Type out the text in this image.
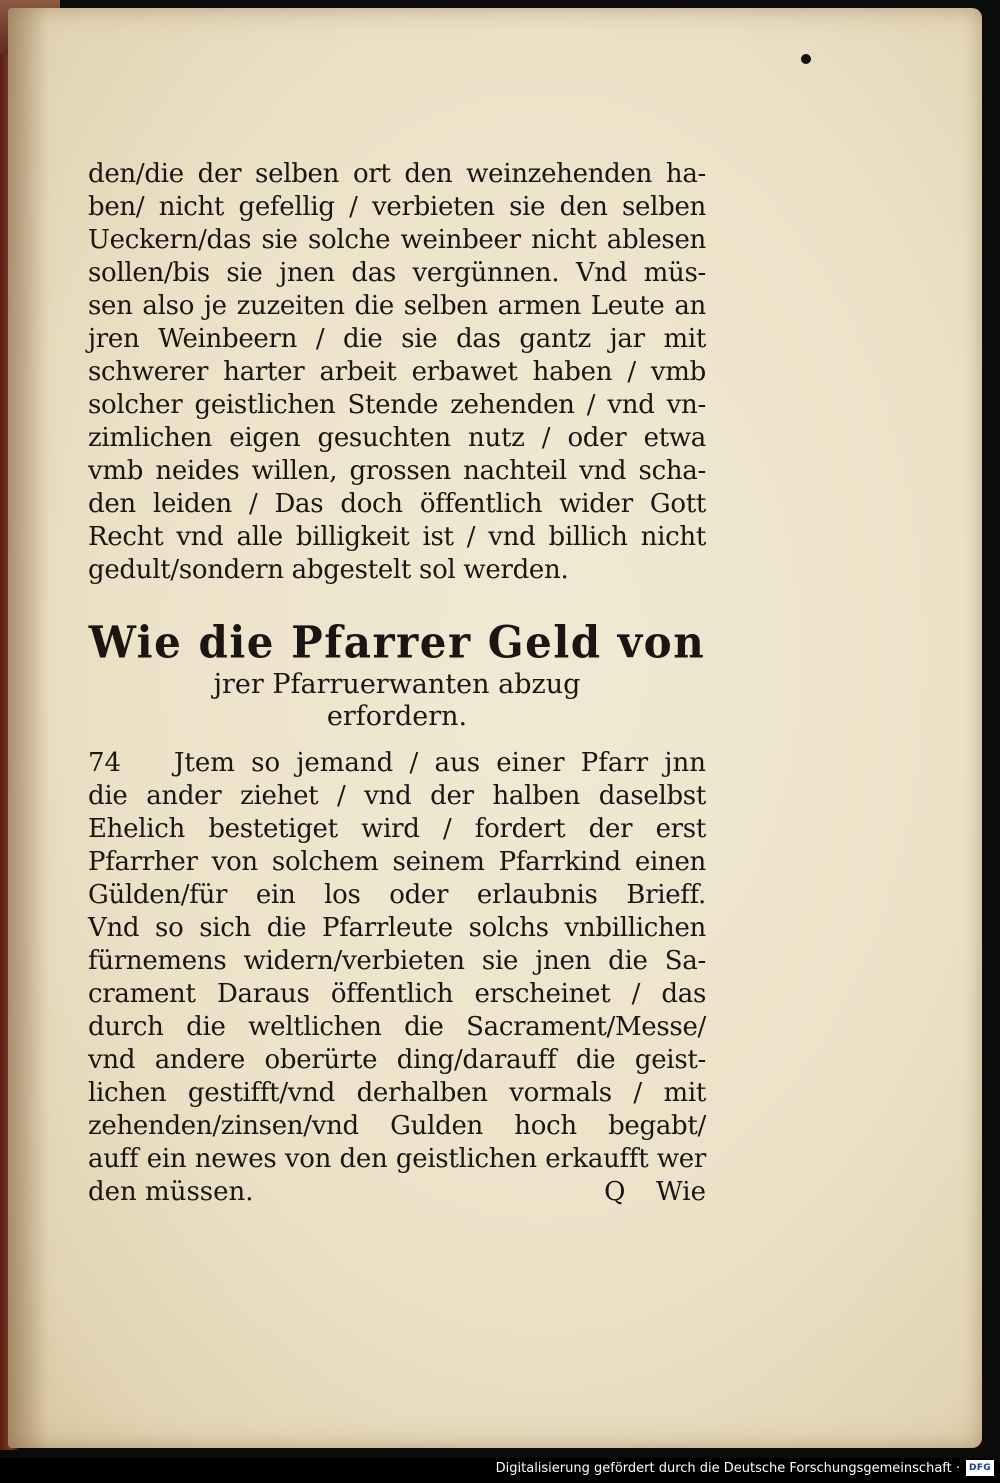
den/die der selben ort den weinzehenden ha-
ben/ nicht gefellig / verbieten sie den selben
Ueckern/das sie solche weinbeer nicht ablesen
sollen/bis sie jnen das vergünnen. Vnd müs-
sen also je zuzeiten die selben armen Leute an
jren Weinbeern / die sie das gantz jar mit
schwerer harter arbeit erbawet haben / vmb
solcher geistlichen Stende zehenden / vnd vn-
zimlichen eigen gesuchten nutz / oder etwa
vmb neides willen, grossen nachteil vnd scha-
den leiden / Das doch öffentlich wider Gott
Recht vnd alle billigkeit ist / vnd billich nicht
gedult/sondern abgestelt sol werden.
Wie die Pfarrer Geld von
jrer Pfarruerwanten abzug
erfordern.
74	Jtem so jemand / aus einer Pfarr jnn
die ander ziehet / vnd der halben daselbst
Ehelich bestetiget wird / fordert der erst
Pfarrher von solchem seinem Pfarrkind einen
Gülden/für ein los oder erlaubnis Brieff.
Vnd so sich die Pfarrleute solchs vnbillichen
fürnemens widern/verbieten sie jnen die Sa-
crament Daraus öffentlich erscheinet / das
durch die weltlichen die Sacrament/Messe/
vnd andere oberürte ding/darauff die geist-
lichen gestifft/vnd derhalben vormals / mit
zehenden/zinsen/vnd Gulden hoch begabt/
auff ein newes von den geistlichen erkaufft wer
den müssen.	Q Wie
Digitalisierung gefördert durch die Deutsche Forschungsgemeinschaft ·	DFG
